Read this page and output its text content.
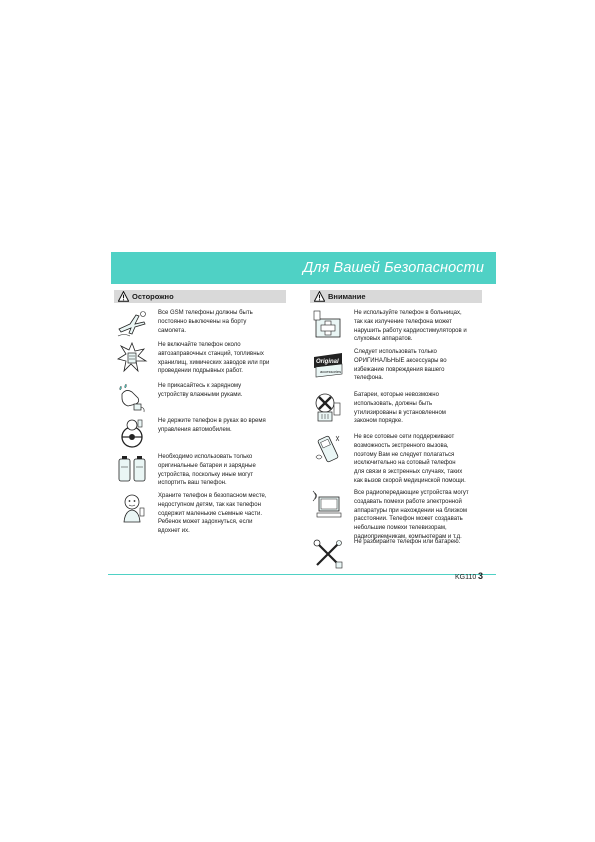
Для Вашей Безопасности
Осторожно
Все GSM телефоны должны быть
постоянно выключены на борту
самолета.
Не включайте телефон около
автозаправочных станций, топливных
хранилищ, химических заводов или при
проведении подрывных работ.
Не прикасайтесь к зарядному
устройству влажными руками.
Не держите телефон в руках во время
управления автомобилем.
Необходимо использовать только
оригинальные батареи и зарядные
устройства, поскольку иные могут
испортить ваш телефон.
Храните телефон в безопасном месте,
недоступном детям, так как телефон
содержит маленькие съемные части.
Ребенок может задохнуться, если
вдохнет их.
Внимание
Не используйте телефон в больницах,
так как излучение телефона может
нарушить работу кардиостимуляторов и
слуховых аппаратов.
Original
accessories
Следует использовать только
ОРИГИНАЛЬНЫЕ аксессуары во
избежание повреждения вашего
телефона.
Батареи, которые невозможно
использовать, должны быть
утилизированы в установленном
законом порядке.
Не все сотовые сети поддерживают
возможность экстренного вызова,
поэтому Вам не следует полагаться
исключительно на сотовый телефон
для связи в экстренных случаях, таких
как вызов скорой медицинской помощи.
Все радиопередающие устройства могут
создавать помехи работе электронной
аппаратуры при нахождении на близком
расстоянии. Телефон может создавать
небольшие помехи телевизорам,
радиоприемникам, компьютерам и т.д.
Не разбирайте телефон или батарею.
KG110 3
